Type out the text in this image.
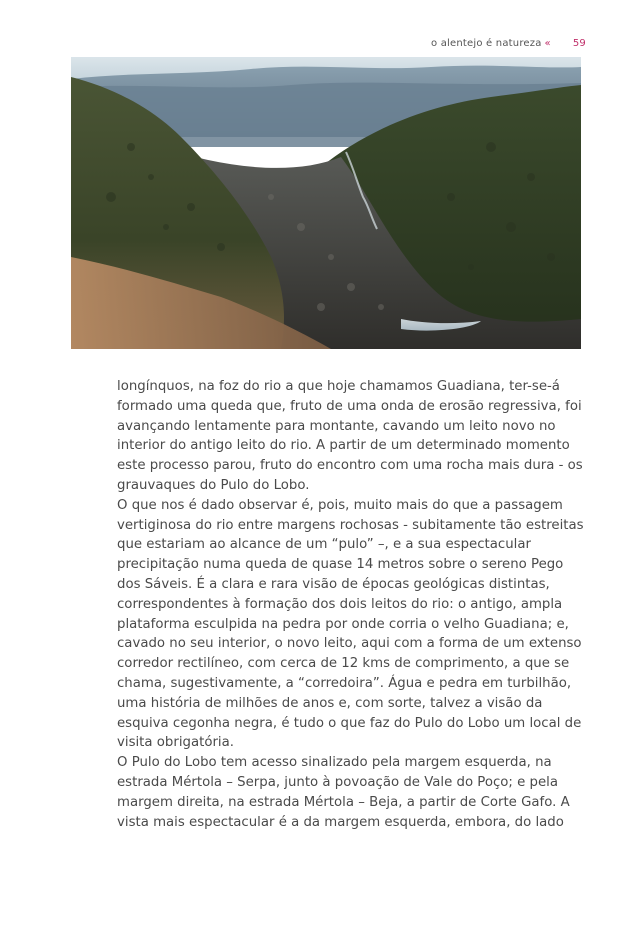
o alentejo é natureza « 59

longínquos, na foz do rio a que hoje chamamos Guadiana, ter-se-á formado uma queda que, fruto de uma onda de erosão regressiva, foi avançando lentamente para montante, cavando um leito novo no interior do antigo leito do rio. A partir de um determinado momento este processo parou, fruto do encontro com uma rocha mais dura - os grauvaques do Pulo do Lobo.

O que nos é dado observar é, pois, muito mais do que a passagem vertiginosa do rio entre margens rochosas - subitamente tão estreitas que estariam ao alcance de um “pulo” –, e a sua espectacular precipitação numa queda de quase 14 metros sobre o sereno Pego dos Sáveis. É a clara e rara visão de épocas geológicas distintas, correspondentes à formação dos dois leitos do rio: o antigo, ampla plataforma esculpida na pedra por onde corria o velho Guadiana; e, cavado no seu interior, o novo leito, aqui com a forma de um extenso corredor rectilíneo, com cerca de 12 kms de comprimento, a que se chama, sugestivamente, a “corredoira”. Água e pedra em turbilhão, uma história de milhões de anos e, com sorte, talvez a visão da esquiva cegonha negra, é tudo o que faz do Pulo do Lobo um local de visita obrigatória.

O Pulo do Lobo tem acesso sinalizado pela margem esquerda, na estrada Mértola – Serpa, junto à povoação de Vale do Poço; e pela margem direita, na estrada Mértola – Beja, a partir de Corte Gafo. A vista mais espectacular é a da margem esquerda, embora, do lado
